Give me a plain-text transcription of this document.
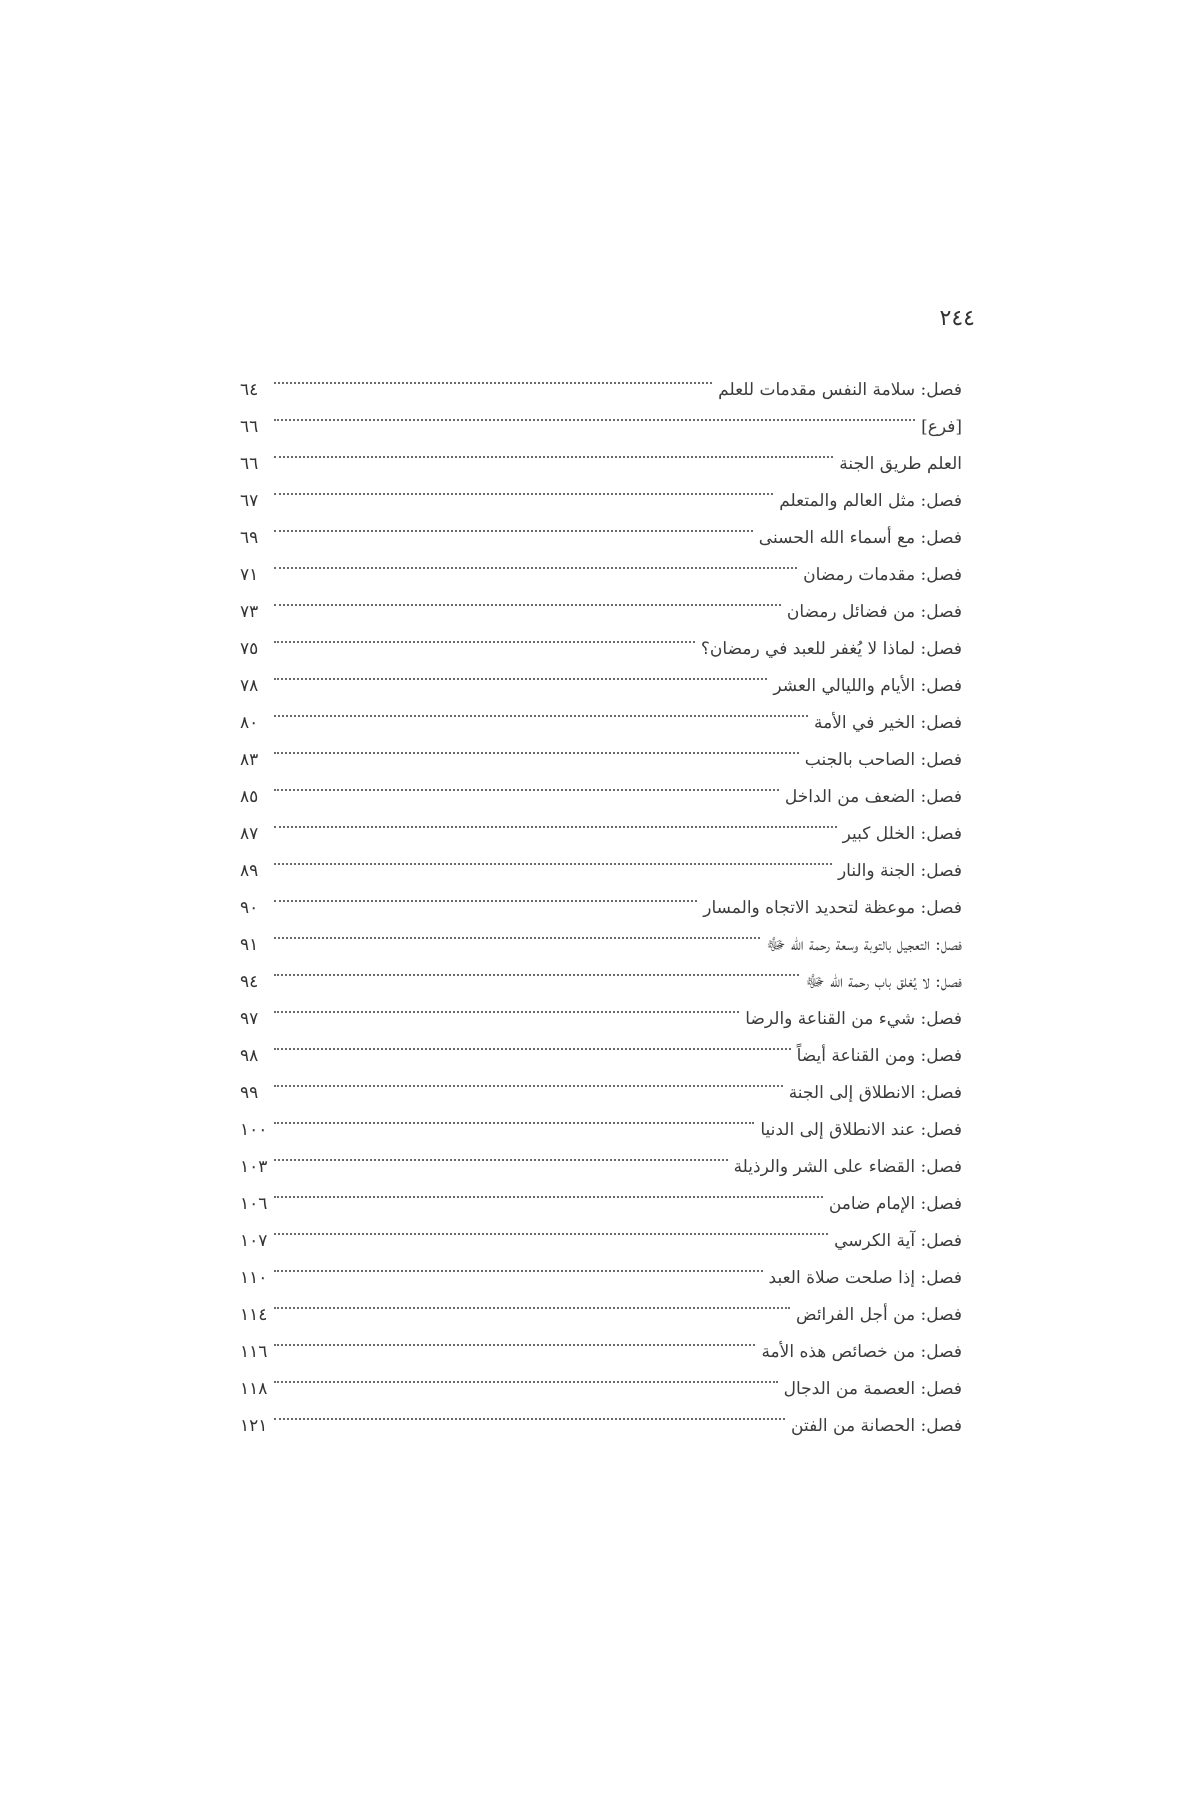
٢٤٤
فصل: سلامة النفس مقدمات للعلم
٦٤
[فرع]
٦٦
العلم طريق الجنة
٦٦
فصل: مثل العالم والمتعلم
٦٧
فصل: مع أسماء الله الحسنى
٦٩
فصل: مقدمات رمضان
٧١
فصل: من فضائل رمضان
٧٣
فصل: لماذا لا يُغفر للعبد في رمضان؟
٧٥
فصل: الأيام والليالي العشر
٧٨
فصل: الخير في الأمة
٨٠
فصل: الصاحب بالجنب
٨٣
فصل: الضعف من الداخل
٨٥
فصل: الخلل كبير
٨٧
فصل: الجنة والنار
٨٩
فصل: موعظة لتحديد الاتجاه والمسار
٩٠
فصل: التعجيل بالتوبة وسعة رحمة الله ﷻ
٩١
فصل: لا يُغلق باب رحمة الله ﷻ
٩٤
فصل: شيء من القناعة والرضا
٩٧
فصل: ومن القناعة أيضاً
٩٨
فصل: الانطلاق إلى الجنة
٩٩
فصل: عند الانطلاق إلى الدنيا
١٠٠
فصل: القضاء على الشر والرذيلة
١٠٣
فصل: الإمام ضامن
١٠٦
فصل: آية الكرسي
١٠٧
فصل: إذا صلحت صلاة العبد
١١٠
فصل: من أجل الفرائض
١١٤
فصل: من خصائص هذه الأمة
١١٦
فصل: العصمة من الدجال
١١٨
فصل: الحصانة من الفتن
١٢١
